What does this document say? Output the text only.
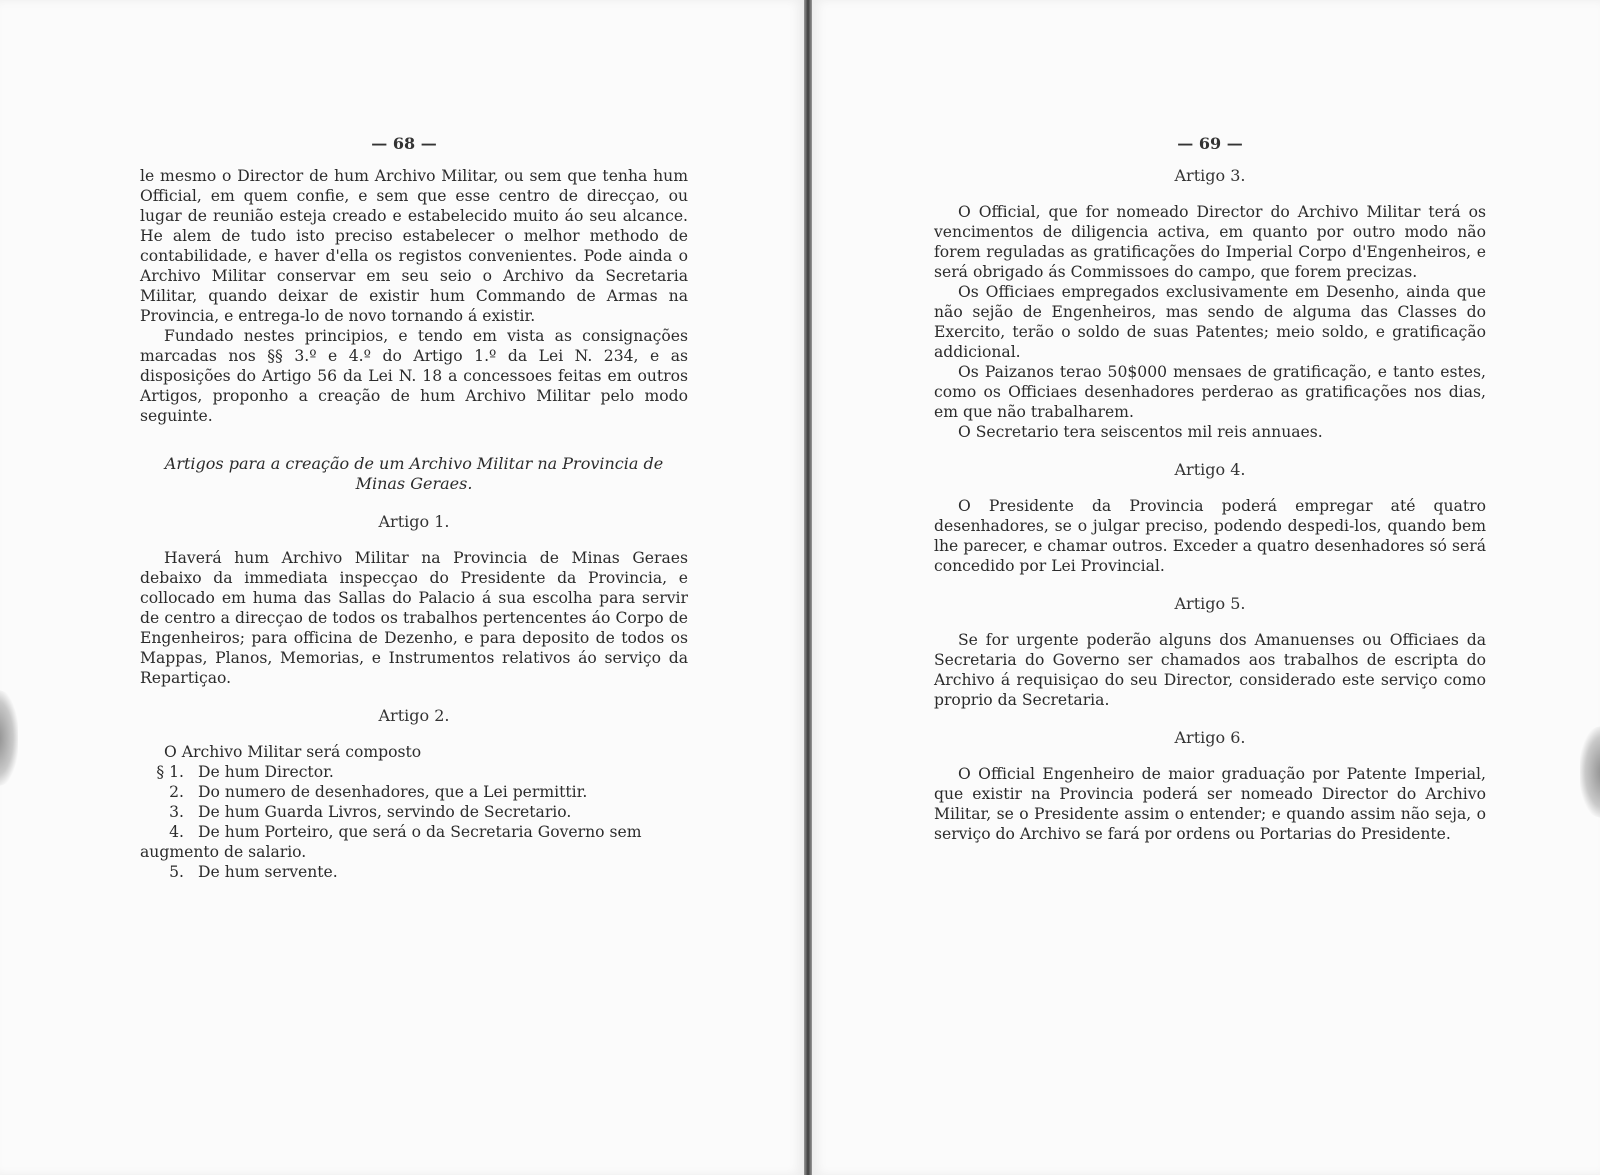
— 68 —

le mesmo o Director de hum Archivo Militar, ou sem que tenha hum Official, em quem confie, e sem que esse centro de direcçao, ou lugar de reunião esteja creado e estabelecido muito áo seu alcance. He alem de tudo isto preciso estabelecer o melhor methodo de contabilidade, e haver d'ella os registos convenientes. Pode ainda o Archivo Militar conservar em seu seio o Archivo da Secretaria Militar, quando deixar de existir hum Commando de Armas na Provincia, e entrega-lo de novo tornando á existir.

Fundado nestes principios, e tendo em vista as consignações marcadas nos §§ 3.º e 4.º do Artigo 1.º da Lei N. 234, e as disposições do Artigo 56 da Lei N. 18 a concessoes feitas em outros Artigos, proponho a creação de hum Archivo Militar pelo modo seguinte.

Artigos para a creação de um Archivo Militar na Provincia de Minas Geraes.
Artigo 1.

Haverá hum Archivo Militar na Provincia de Minas Geraes debaixo da immediata inspecçao do Presidente da Provincia, e collocado em huma das Sallas do Palacio á sua escolha para servir de centro a direcçao de todos os trabalhos pertencentes áo Corpo de Engenheiros; para officina de Dezenho, e para deposito de todos os Mappas, Planos, Memorias, e Instrumentos relativos áo serviço da Repartiçao.

Artigo 2.

O Archivo Militar será composto

§ 1. De hum Director.
2. Do numero de desenhadores, que a Lei permittir.
3. De hum Guarda Livros, servindo de Secretario.
4. De hum Porteiro, que será o da Secretaria Governo sem augmento de salario.
5. De hum servente.
— 69 —
Artigo 3.

O Official, que for nomeado Director do Archivo Militar terá os vencimentos de diligencia activa, em quanto por outro modo não forem reguladas as gratificações do Imperial Corpo d'Engenheiros, e será obrigado ás Commissoes do campo, que forem precizas.

Os Officiaes empregados exclusivamente em Desenho, ainda que não sejão de Engenheiros, mas sendo de alguma das Classes do Exercito, terão o soldo de suas Patentes; meio soldo, e gratificação addicional.

Os Paizanos terao 50$000 mensaes de gratificação, e tanto estes, como os Officiaes desenhadores perderao as gratificações nos dias, em que não trabalharem.

O Secretario tera seiscentos mil reis annuaes.

Artigo 4.

O Presidente da Provincia poderá empregar até quatro desenhadores, se o julgar preciso, podendo despedi-los, quando bem lhe parecer, e chamar outros. Exceder a quatro desenhadores só será concedido por Lei Provincial.

Artigo 5.

Se for urgente poderão alguns dos Amanuenses ou Officiaes da Secretaria do Governo ser chamados aos trabalhos de escripta do Archivo á requisiçao do seu Director, considerado este serviço como proprio da Secretaria.

Artigo 6.

O Official Engenheiro de maior graduação por Patente Imperial, que existir na Provincia poderá ser nomeado Director do Archivo Militar, se o Presidente assim o entender; e quando assim não seja, o serviço do Archivo se fará por ordens ou Portarias do Presidente.
